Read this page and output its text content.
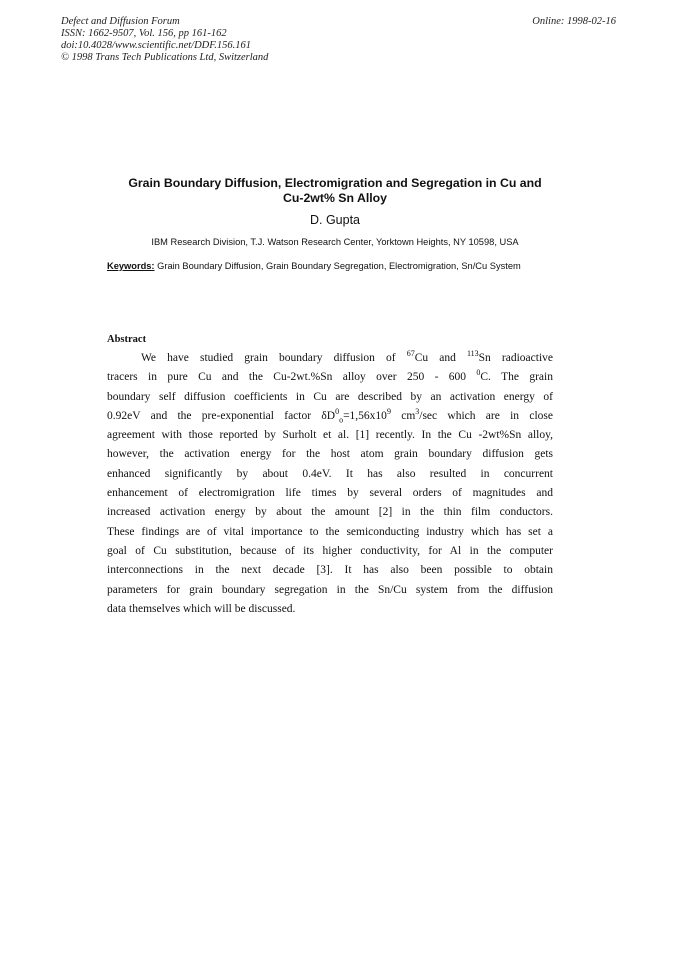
Defect and Diffusion Forum
ISSN: 1662-9507, Vol. 156, pp 161-162
doi:10.4028/www.scientific.net/DDF.156.161
© 1998 Trans Tech Publications Ltd, Switzerland
Online: 1998-02-16
Grain Boundary Diffusion, Electromigration and Segregation in Cu and
Cu-2wt% Sn Alloy
D. Gupta
IBM Research Division, T.J. Watson Research Center, Yorktown Heights, NY 10598, USA
Keywords: Grain Boundary Diffusion, Grain Boundary Segregation, Electromigration, Sn/Cu System
Abstract
We have studied grain boundary diffusion of $^{67}$Cu and $^{113}$Sn radioactive
tracers in pure Cu and the Cu-2wt.%Sn alloy over 250 - 600 $^0$C. The grain
boundary self diffusion coefficients in Cu are described by an activation energy of
0.92eV and the pre-exponential factor $\delta D^0_o=1,56x10^9$ $cm^3/\sec$ which are in close
agreement with those reported by Surholt et al. [1] recently. In the Cu -2wt%Sn alloy,
however, the activation energy for the host atom grain boundary diffusion gets
enhanced significantly by about 0.4eV. It has also resulted in concurrent
enhancement of electromigration life times by several orders of magnitudes and
increased activation energy by about the amount [2] in the thin film conductors.
These findings are of vital importance to the semiconducting industry which has set a
goal of Cu substitution, because of its higher conductivity, for Al in the computer
interconnections in the next decade [3]. It has also been possible to obtain
parameters for grain boundary segregation in the Sn/Cu system from the diffusion
data themselves which will be discussed.
